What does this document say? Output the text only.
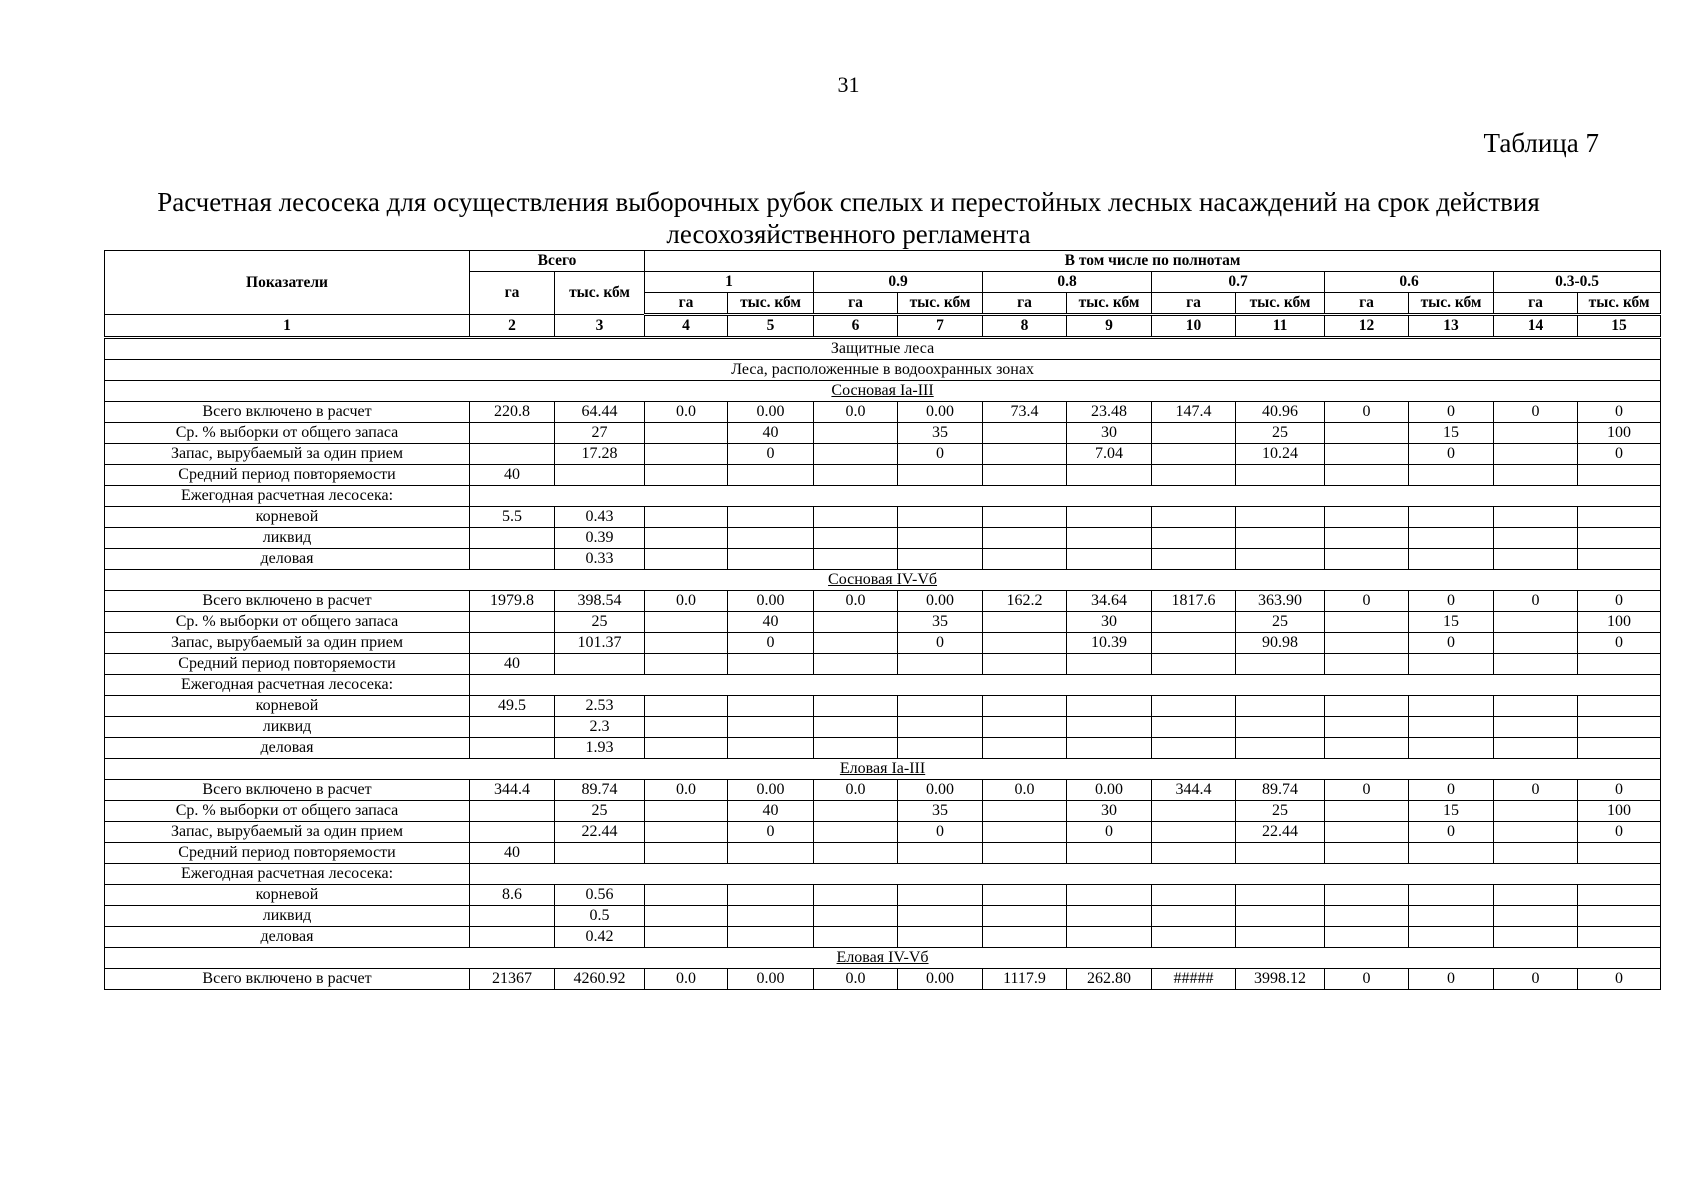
31
Таблица 7
Расчетная лесосека для осуществления выборочных рубок спелых и перестойных лесных насаждений на срок действия
лесохозяйственного регламента
Показатели	Всего		В том числе по полнотам											
	га	тыс. кбм	1		0.9		0.8		0.7		0.6		0.3-0.5	
			га	тыс. кбм	га	тыс. кбм	га	тыс. кбм	га	тыс. кбм	га	тыс. кбм	га	тыс. кбм
1	2	3	4	5	6	7	8	9	10	11	12	13	14	15
Защитные леса														
Леса, расположенные в водоохранных зонах														
Сосновая Ia-III														
Всего включено в расчет	220.8	64.44	0.0	0.00	0.0	0.00	73.4	23.48	147.4	40.96	0	0	0	0
Ср. % выборки от общего запаса		27		40		35		30		25		15		100
Запас, вырубаемый за один прием		17.28		0		0		7.04		10.24		0		0
Средний период повторяемости	40													
Ежегодная расчетная лесосека:														
корневой	5.5	0.43												
ликвид		0.39												
деловая		0.33												
Сосновая IV-Vб														
Всего включено в расчет	1979.8	398.54	0.0	0.00	0.0	0.00	162.2	34.64	1817.6	363.90	0	0	0	0
Ср. % выборки от общего запаса		25		40		35		30		25		15		100
Запас, вырубаемый за один прием		101.37		0		0		10.39		90.98		0		0
Средний период повторяемости	40													
Ежегодная расчетная лесосека:														
корневой	49.5	2.53												
ликвид		2.3												
деловая		1.93												
Еловая Ia-III														
Всего включено в расчет	344.4	89.74	0.0	0.00	0.0	0.00	0.0	0.00	344.4	89.74	0	0	0	0
Ср. % выборки от общего запаса		25		40		35		30		25		15		100
Запас, вырубаемый за один прием		22.44		0		0		0		22.44		0		0
Средний период повторяемости	40													
Ежегодная расчетная лесосека:														
корневой	8.6	0.56												
ликвид		0.5												
деловая		0.42												
Еловая IV-Vб														
Всего включено в расчет	21367	4260.92	0.0	0.00	0.0	0.00	1117.9	262.80	#####	3998.12	0	0	0	0
